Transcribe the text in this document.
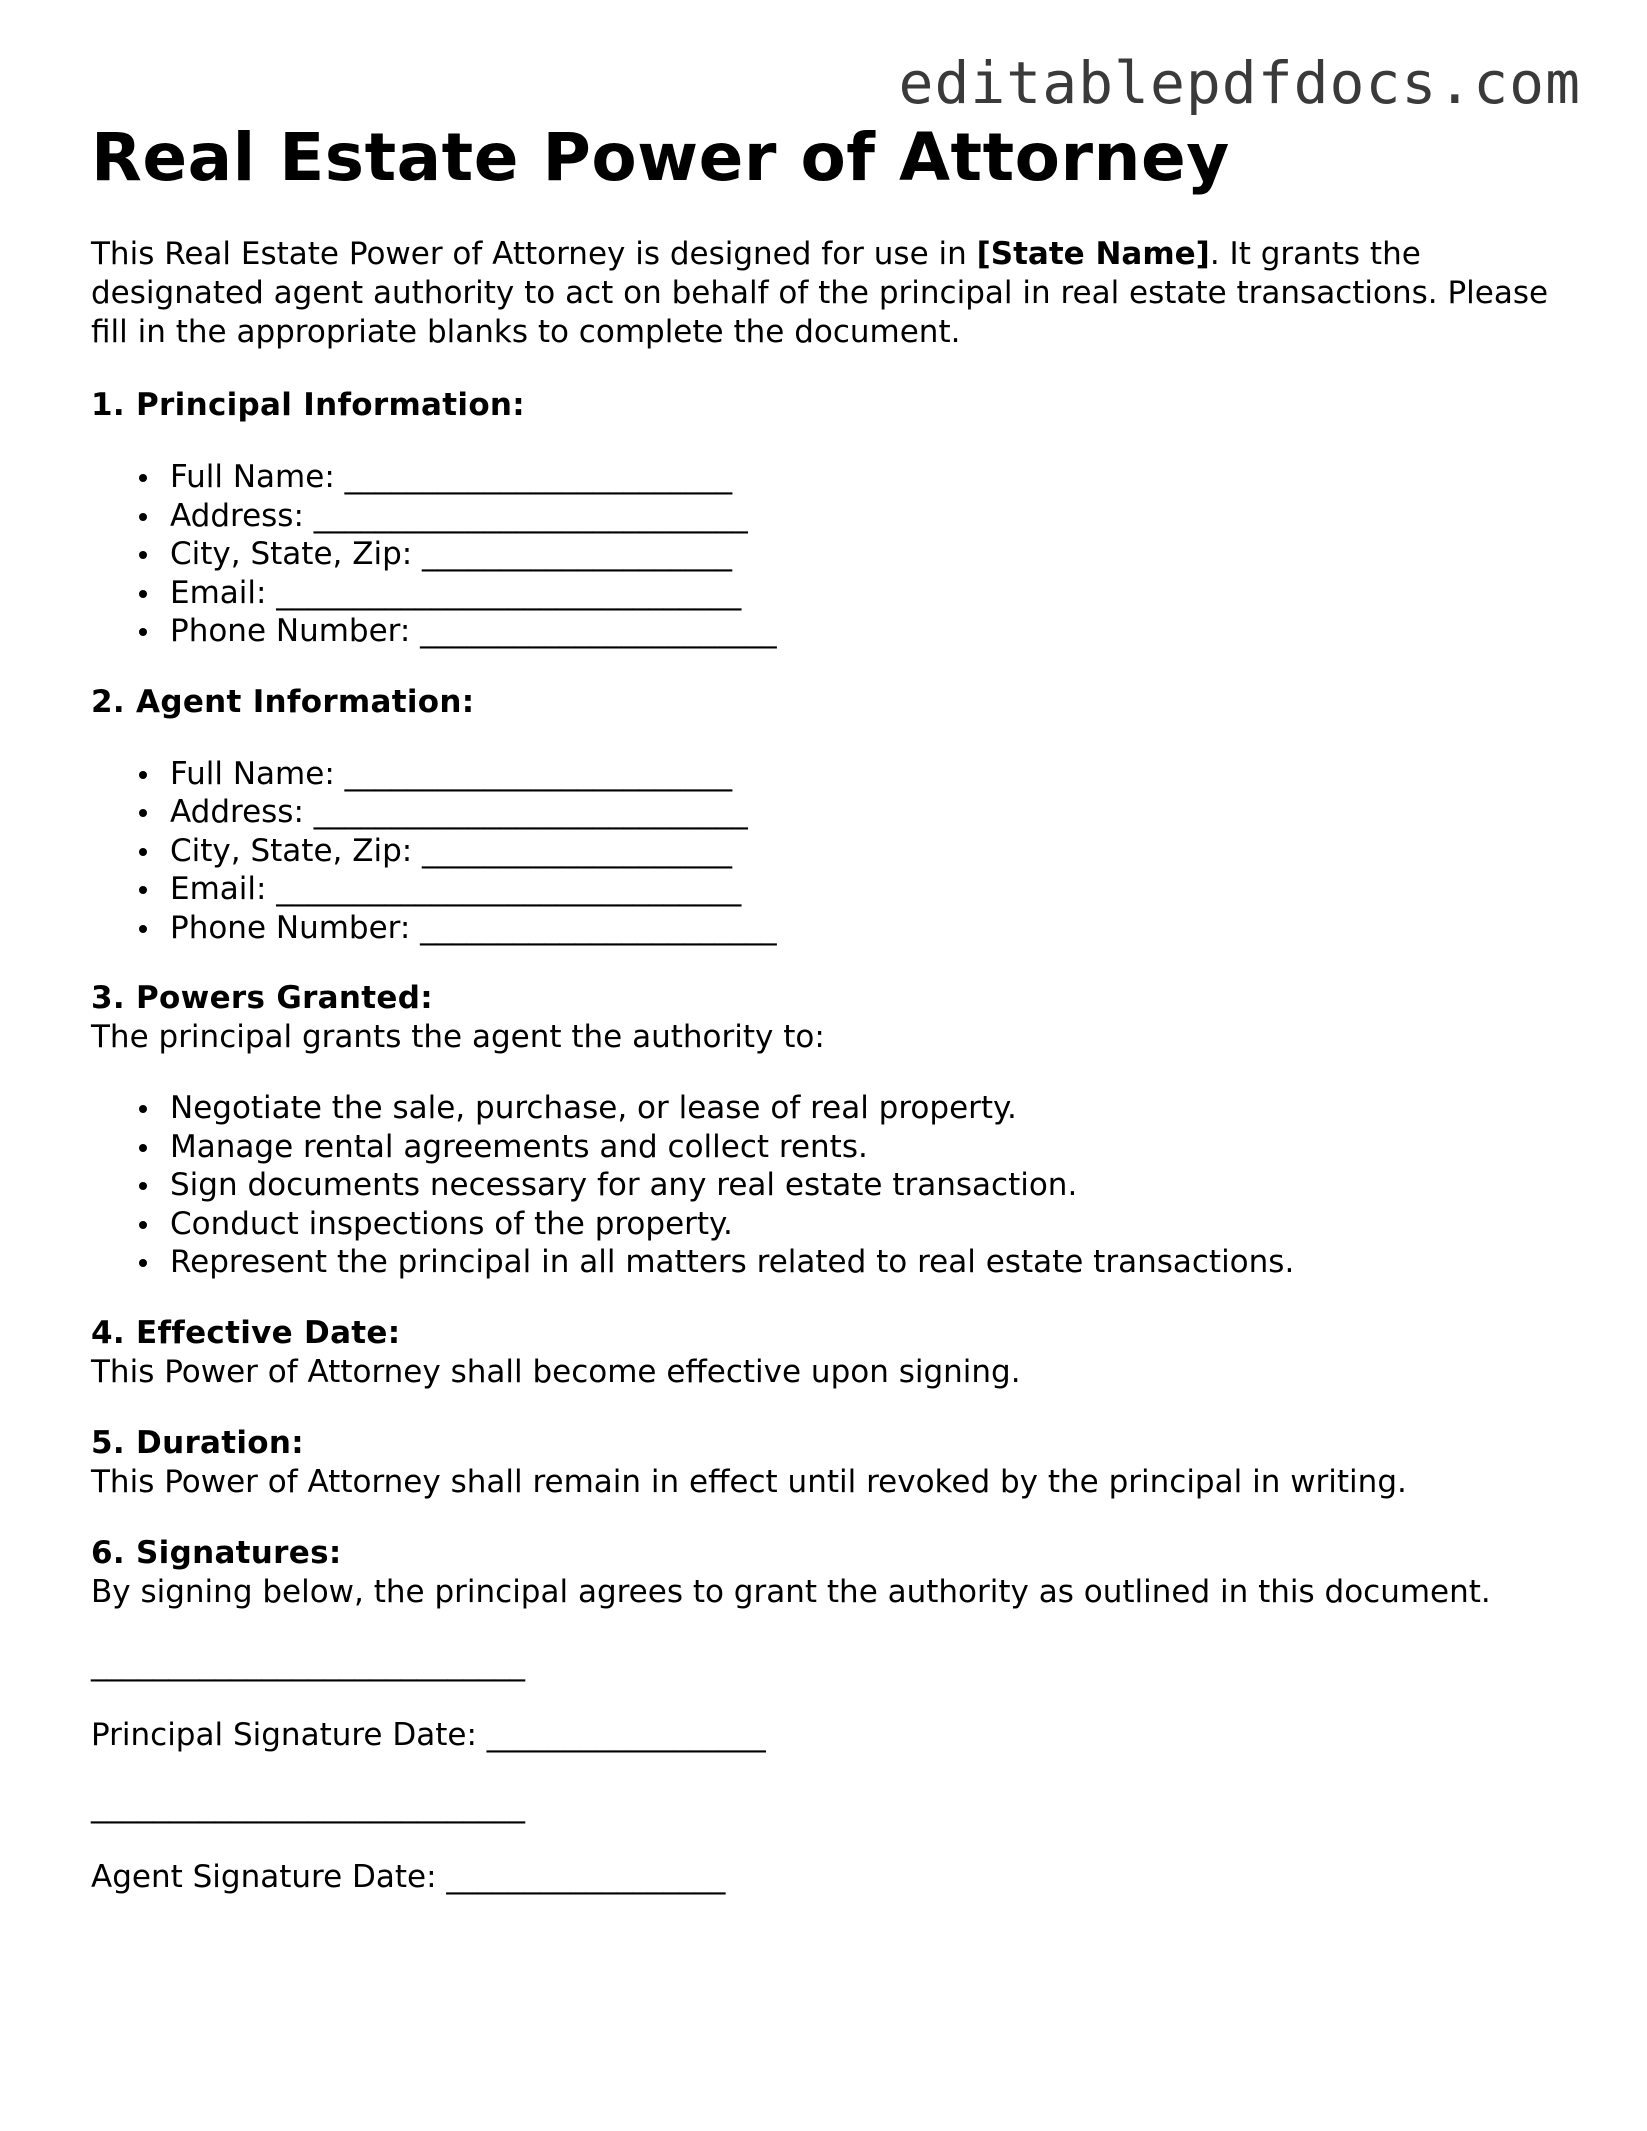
editablepdfdocs.com
Real Estate Power of Attorney

This Real Estate Power of Attorney is designed for use in [State Name]. It grants the designated agent authority to act on behalf of the principal in real estate transactions. Please fill in the appropriate blanks to complete the document.

1. Principal Information:
Full Name: _________________________
Address: ____________________________
City, State, Zip: ____________________
Email: ______________________________
Phone Number: _______________________
2. Agent Information:
Full Name: _________________________
Address: ____________________________
City, State, Zip: ____________________
Email: ______________________________
Phone Number: _______________________
3. Powers Granted:

The principal grants the agent the authority to:

Negotiate the sale, purchase, or lease of real property.
Manage rental agreements and collect rents.
Sign documents necessary for any real estate transaction.
Conduct inspections of the property.
Represent the principal in all matters related to real estate transactions.
4. Effective Date:

This Power of Attorney shall become effective upon signing.

5. Duration:

This Power of Attorney shall remain in effect until revoked by the principal in writing.

6. Signatures:

By signing below, the principal agrees to grant the authority as outlined in this document.

____________________________

Principal Signature Date: __________________

____________________________

Agent Signature Date: __________________
